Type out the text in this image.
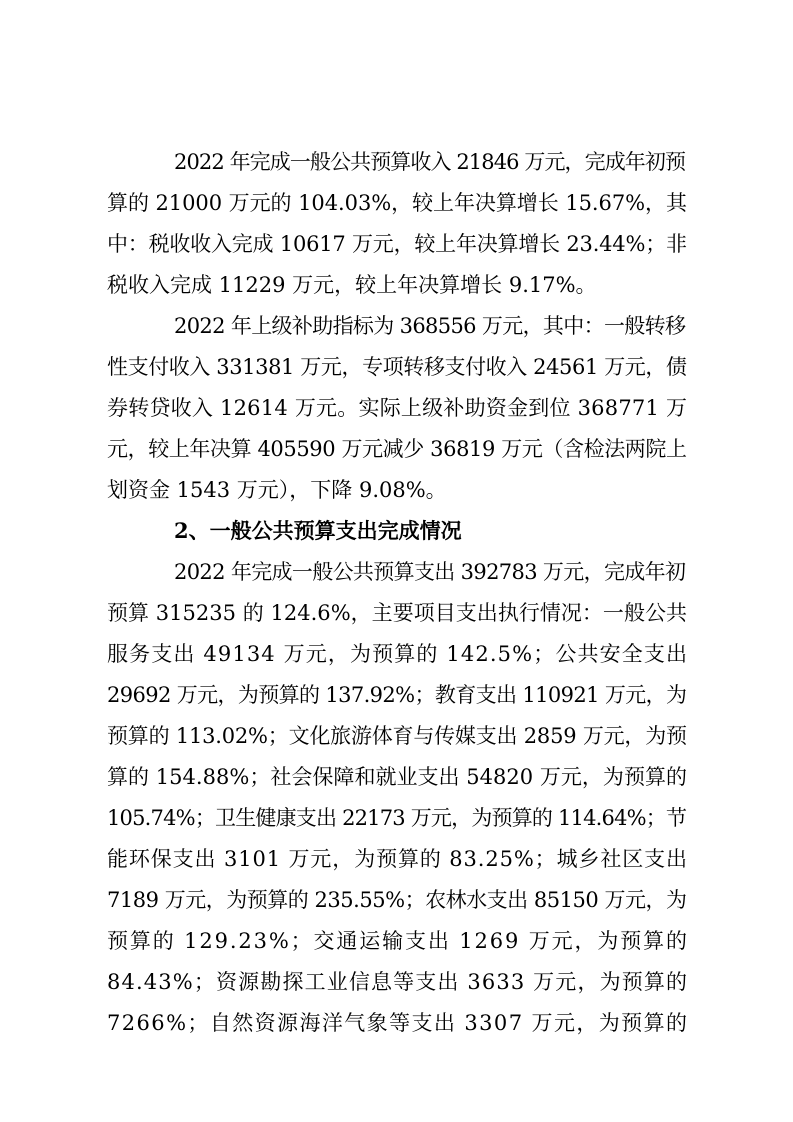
2022 年完成一般公共预算收入 21846 万元，完成年初预
算的 21000 万元的 104.03%，较上年决算增长 15.67%，其
中：税收收入完成 10617 万元，较上年决算增长 23.44%；非
税收入完成 11229 万元，较上年决算增长 9.17%。
2022 年上级补助指标为 368556 万元，其中：一般转移
性支付收入 331381 万元，专项转移支付收入 24561 万元，债
券转贷收入 12614 万元。实际上级补助资金到位 368771 万
元，较上年决算 405590 万元减少 36819 万元（含检法两院上
划资金 1543 万元），下降 9.08%。
2、一般公共预算支出完成情况
2022 年完成一般公共预算支出 392783 万元，完成年初
预算 315235 的 124.6%，主要项目支出执行情况：一般公共
服务支出 49134 万元，为预算的 142.5%；公共安全支出
29692 万元，为预算的 137.92%；教育支出 110921 万元，为
预算的 113.02%；文化旅游体育与传媒支出 2859 万元，为预
算的 154.88%；社会保障和就业支出 54820 万元，为预算的
105.74%；卫生健康支出 22173 万元，为预算的 114.64%；节
能环保支出 3101 万元，为预算的 83.25%；城乡社区支出
7189 万元，为预算的 235.55%；农林水支出 85150 万元，为
预算的 129.23%；交通运输支出 1269 万元，为预算的
84.43%；资源勘探工业信息等支出 3633 万元，为预算的
7266%；自然资源海洋气象等支出 3307 万元，为预算的
